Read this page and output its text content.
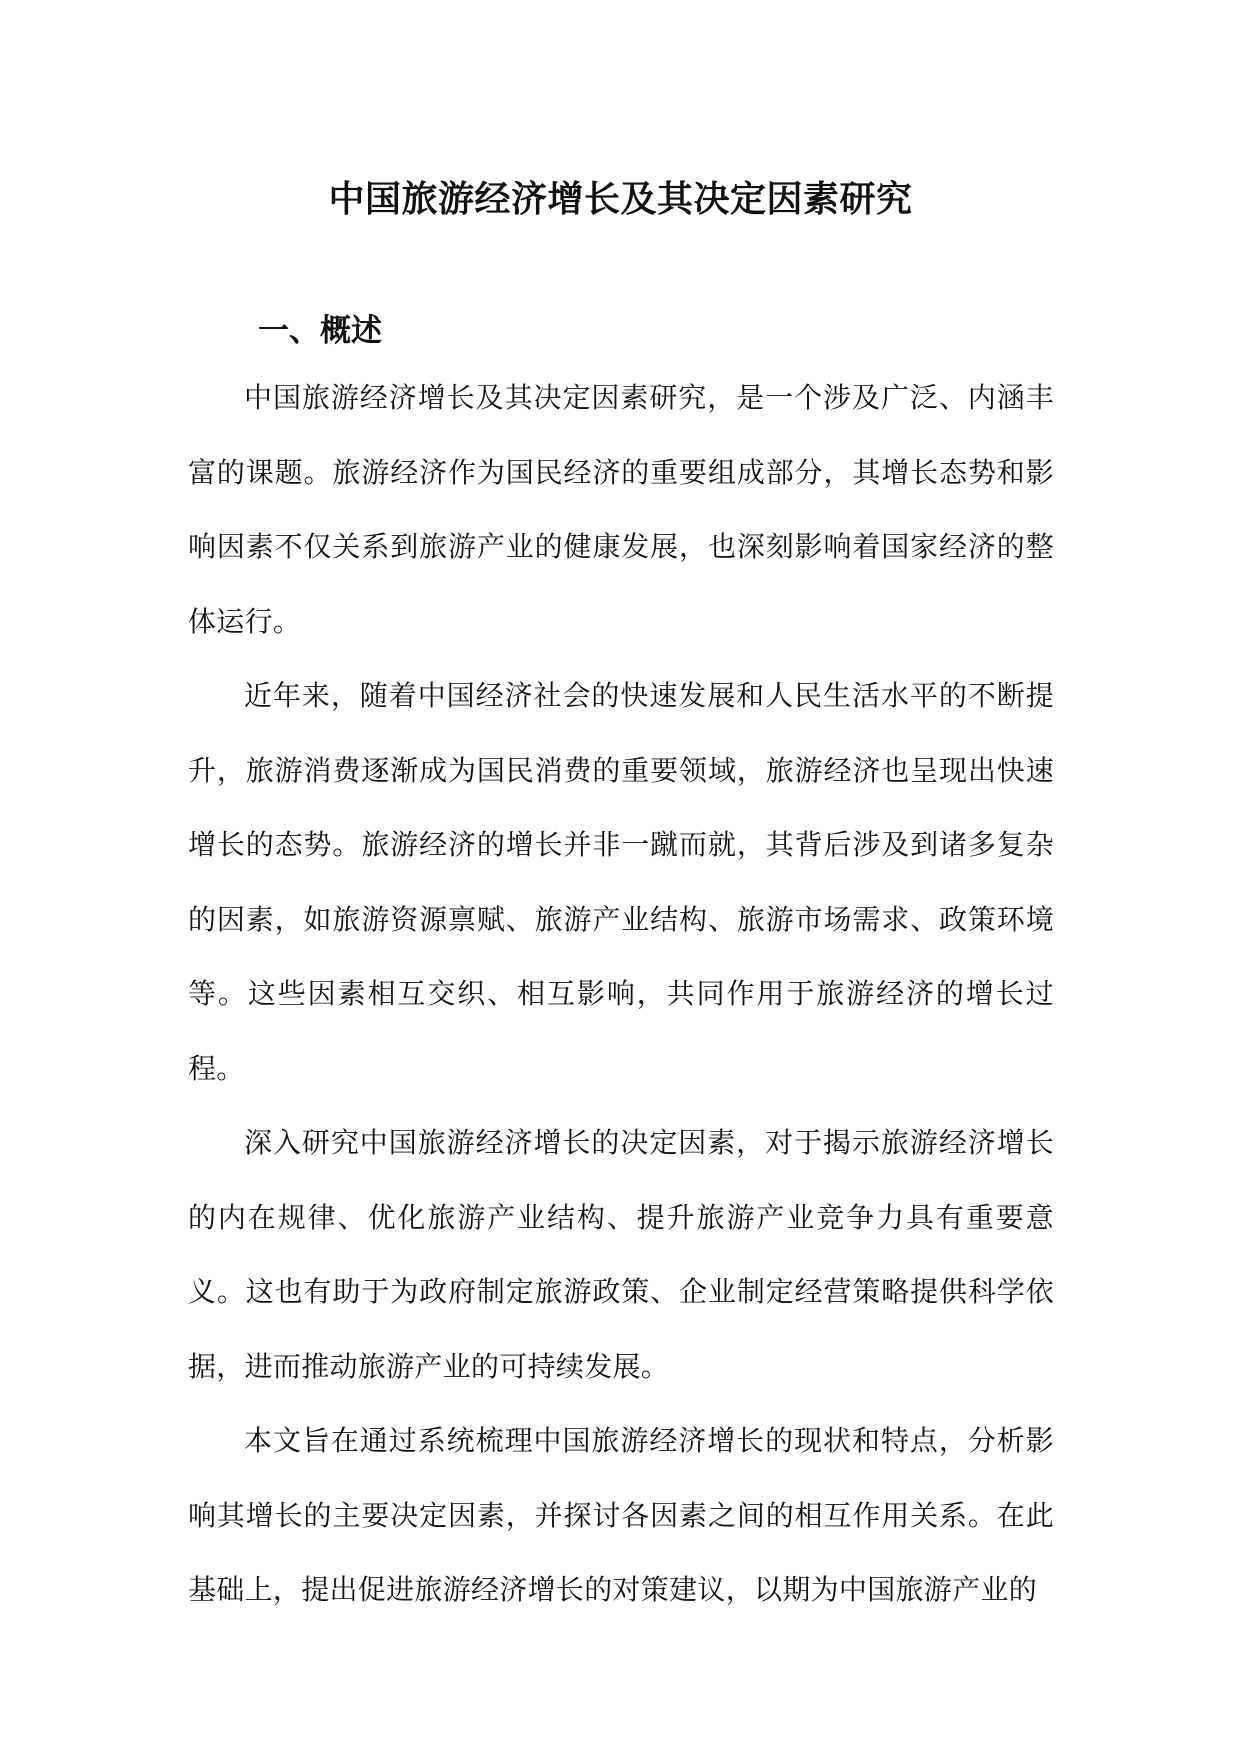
中国旅游经济增长及其决定因素研究
一、概述

中国旅游经济增长及其决定因素研究，是一个涉及广泛、内涵丰富的课题。旅游经济作为国民经济的重要组成部分，其增长态势和影响因素不仅关系到旅游产业的健康发展，也深刻影响着国家经济的整体运行。

近年来，随着中国经济社会的快速发展和人民生活水平的不断提升，旅游消费逐渐成为国民消费的重要领域，旅游经济也呈现出快速增长的态势。旅游经济的增长并非一蹴而就，其背后涉及到诸多复杂的因素，如旅游资源禀赋、旅游产业结构、旅游市场需求、政策环境等。这些因素相互交织、相互影响，共同作用于旅游经济的增长过程。

深入研究中国旅游经济增长的决定因素，对于揭示旅游经济增长的内在规律、优化旅游产业结构、提升旅游产业竞争力具有重要意义。这也有助于为政府制定旅游政策、企业制定经营策略提供科学依据，进而推动旅游产业的可持续发展。

本文旨在通过系统梳理中国旅游经济增长的现状和特点，分析影响其增长的主要决定因素，并探讨各因素之间的相互作用关系。在此基础上，提出促进旅游经济增长的对策建议，以期为中国旅游产业的
